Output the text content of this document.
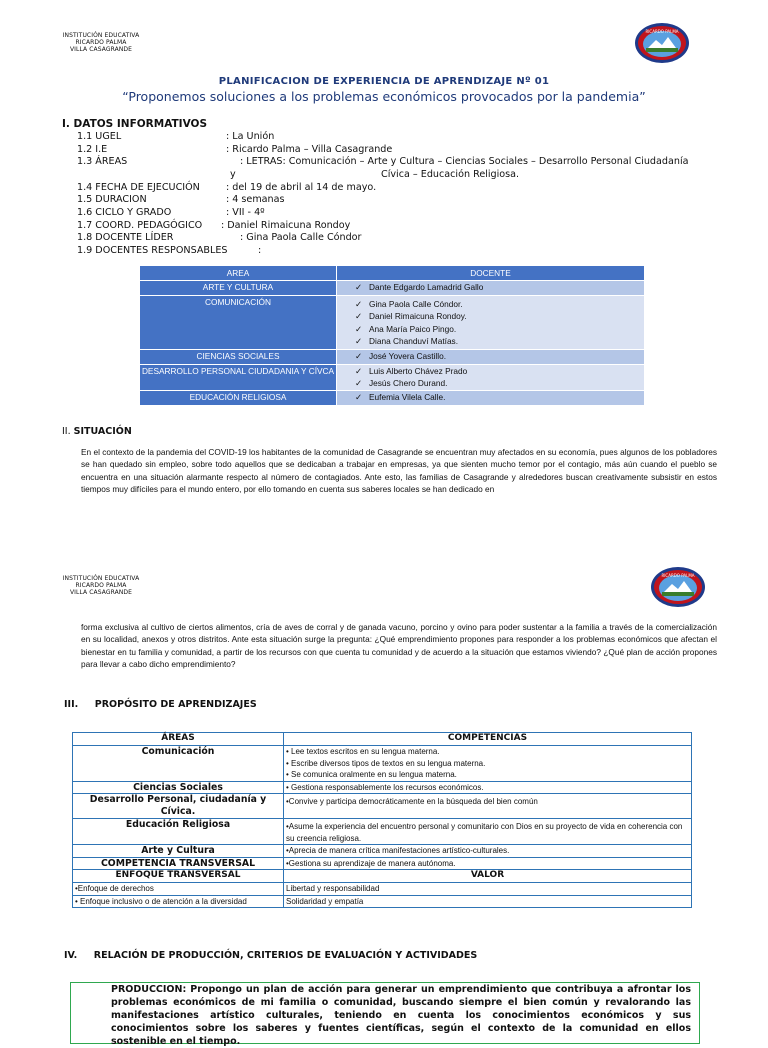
INSTITUCIÓN EDUCATIVA
RICARDO PALMA
VILLA CASAGRANDE
RICARDO PALMA
PLANIFICACION DE EXPERIENCIA DE APRENDIZAJE Nº 01
“Proponemos soluciones a los problemas económicos provocados por la pandemia”
I. DATOS INFORMATIVOS
1.1 UGEL	: La Unión
1.2 I.E	: Ricardo Palma – Villa Casagrande
1.3 ÁREAS	: LETRAS: Comunicación – Arte y Cultura – Ciencias Sociales – Desarrollo Personal Ciudadanía
y	Cívica – Educación Religiosa.
1.4 FECHA DE EJECUCIÓN	: del 19 de abril al 14 de mayo.
1.5 DURACION	: 4 semanas
1.6 CICLO Y GRADO	: VII - 4º
1.7 COORD. PEDAGÓGICO : Daniel Rimaicuna Rondoy
1.8 DOCENTE LÍDER	: Gina Paola Calle Cóndor
1.9 DOCENTES RESPONSABLES	:
AREA	DOCENTE
ARTE Y CULTURA	✓ Dante Edgardo Lamadrid Gallo

COMUNICACIÓN	✓ Gina Paola Calle Cóndor.
✓ Daniel Rimaicuna Rondoy.
✓ Ana María Paico Pingo.
✓ Diana Chanduví Matías.

CIENCIAS SOCIALES	✓ José Yovera Castillo.

DESARROLLO PERSONAL CIUDADANIA Y CÍVCA	✓ Luis Alberto Chávez Prado
✓ Jesús Chero Durand.

EDUCACIÓN RELIGIOSA	✓ Eufemia Vilela Calle.
II. SITUACIÓN
En el contexto de la pandemia del COVID-19 los habitantes de la comunidad de Casagrande se encuentran muy afectados en su economía, pues algunos de los pobladores se han quedado sin empleo, sobre todo aquellos que se dedicaban a trabajar en empresas, ya que sienten mucho temor por el contagio, más aún cuando el pueblo se encuentra en una situación alarmante respecto al número de contagiados. Ante esto, las familias de Casagrande y alrededores buscan creativamente subsistir en estos tiempos muy difíciles para el mundo entero, por ello tomando en cuenta sus saberes locales se han dedicado en
INSTITUCIÓN EDUCATIVA
RICARDO PALMA
VILLA CASAGRANDE
RICARDO PALMA
forma exclusiva al cultivo de ciertos alimentos, cría de aves de corral y de ganada vacuno, porcino y ovino para poder sustentar a la familia a través de la comercialización en su localidad, anexos y otros distritos. Ante esta situación surge la pregunta: ¿Qué emprendimiento propones para responder a los problemas económicos que afectan el bienestar en tu familia y comunidad, a partir de los recursos con que cuenta tu comunidad y de acuerdo a la situación que estamos viviendo? ¿Qué plan de acción propones para llevar a cabo dicho emprendimiento?
III.     PROPÓSITO DE APRENDIZAJES
ÁREAS	COMPETENCIAS
Comunicación	• Lee textos escritos en su lengua materna.
• Escribe diversos tipos de textos en su lengua materna.
• Se comunica oralmente en su lengua materna.

Ciencias Sociales	• Gestiona responsablemente los recursos económicos.

Desarrollo Personal, ciudadanía y Cívica.	•Convive y participa democráticamente en la búsqueda del bien común

Educación Religiosa	•Asume la experiencia del encuentro personal y comunitario con Dios en su proyecto de vida en coherencia con su creencia religiosa.

Arte y Cultura	•Aprecia de manera crítica manifestaciones artístico-culturales.

COMPETENCIA TRANSVERSAL	•Gestiona su aprendizaje de manera autónoma.

ENFOQUE TRANSVERSAL	VALOR
•Enfoque de derechos	Libertad y responsabilidad
• Enfoque inclusivo o de atención a la diversidad	Solidaridad y empatía
IV.     RELACIÓN DE PRODUCCIÓN, CRITERIOS DE EVALUACIÓN Y ACTIVIDADES
PRODUCCION: Propongo un plan de acción para generar un emprendimiento que contribuya a afrontar los problemas económicos de mi familia o comunidad, buscando siempre el bien común y revalorando las manifestaciones artístico culturales, teniendo en cuenta los conocimientos económicos y sus conocimientos sobre los saberes y fuentes científicas, según el contexto de la comunidad en ellos sostenible en el tiempo.
